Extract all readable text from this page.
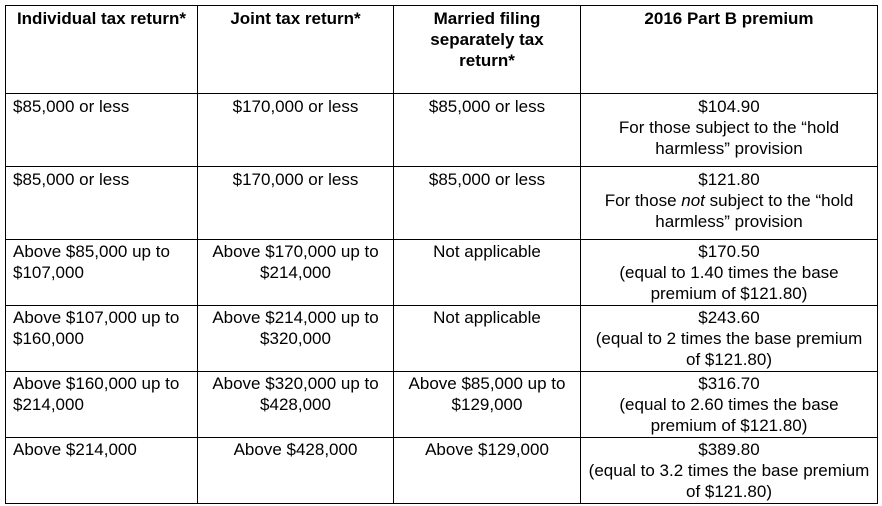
Individual tax return*	Joint tax return*	Married filing separately tax return*	2016 Part B premium
$85,000 or less	$170,000 or less	$85,000 or less	$104.90
For those subject to the “hold harmless” provision
$85,000 or less	$170,000 or less	$85,000 or less	$121.80
For those not subject to the “hold harmless” provision
Above $85,000 up to $107,000	Above $170,000 up to $214,000	Not applicable	$170.50
(equal to 1.40 times the base premium of $121.80)
Above $107,000 up to $160,000	Above $214,000 up to $320,000	Not applicable	$243.60
(equal to 2 times the base premium of $121.80)
Above $160,000 up to $214,000	Above $320,000 up to $428,000	Above $85,000 up to $129,000	$316.70
(equal to 2.60 times the base premium of $121.80)
Above $214,000	Above $428,000	Above $129,000	$389.80
(equal to 3.2 times the base premium of $121.80)
